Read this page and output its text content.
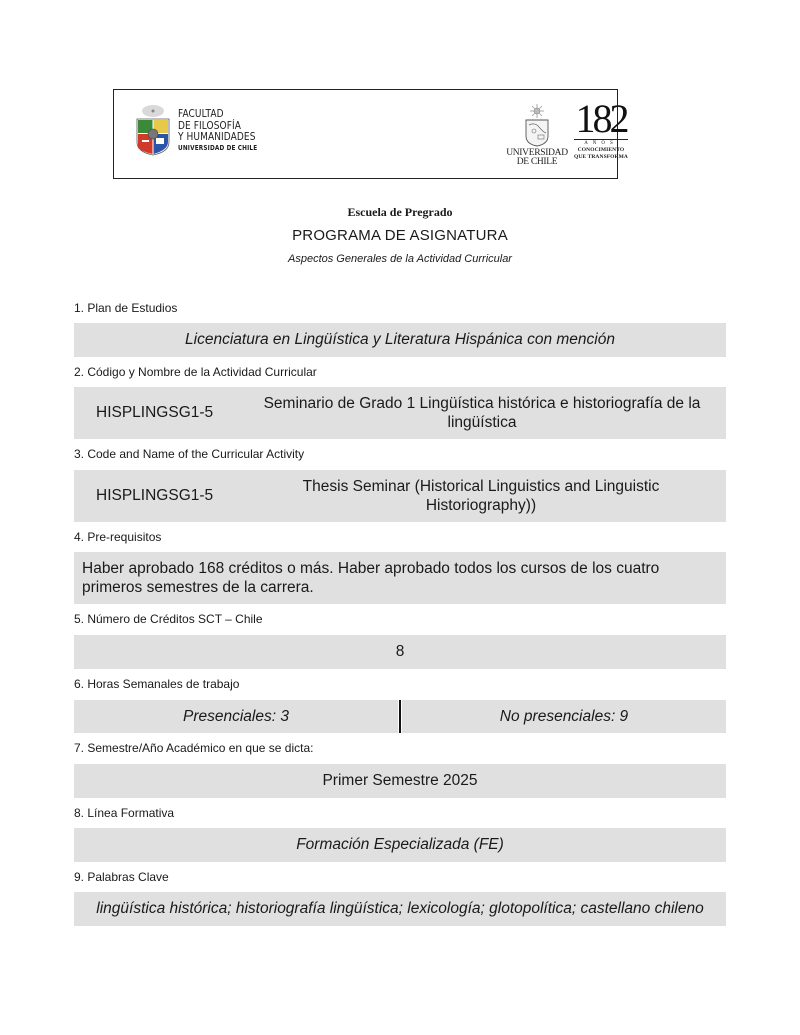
FACULTAD
DE FILOSOFÍA
Y HUMANIDADES
UNIVERSIDAD DE CHILE
UNIVERSIDAD
DE CHILE
182
AÑOS
CONOCIMIENTO
QUE TRANSFORMA
Escuela de Pregrado
PROGRAMA DE ASIGNATURA
Aspectos Generales de la Actividad Curricular
1. Plan de Estudios
Licenciatura en Lingüística y Literatura Hispánica con mención
2. Código y Nombre de la Actividad Curricular
HISPLINGSG1-5
Seminario de Grado 1 Lingüística histórica e historiografía de la lingüística
3. Code and Name of the Curricular Activity
HISPLINGSG1-5
Thesis Seminar (Historical Linguistics and Linguistic Historiography))
4. Pre-requisitos
Haber aprobado 168 créditos o más. Haber aprobado todos los cursos de los cuatro primeros semestres de la carrera.
5. Número de Créditos SCT – Chile
8
6. Horas Semanales de trabajo
Presenciales: 3	No presenciales: 9
7. Semestre/Año Académico en que se dicta:
Primer Semestre 2025
8. Línea Formativa
Formación Especializada (FE)
9. Palabras Clave
lingüística histórica; historiografía lingüística; lexicología; glotopolítica; castellano chileno
